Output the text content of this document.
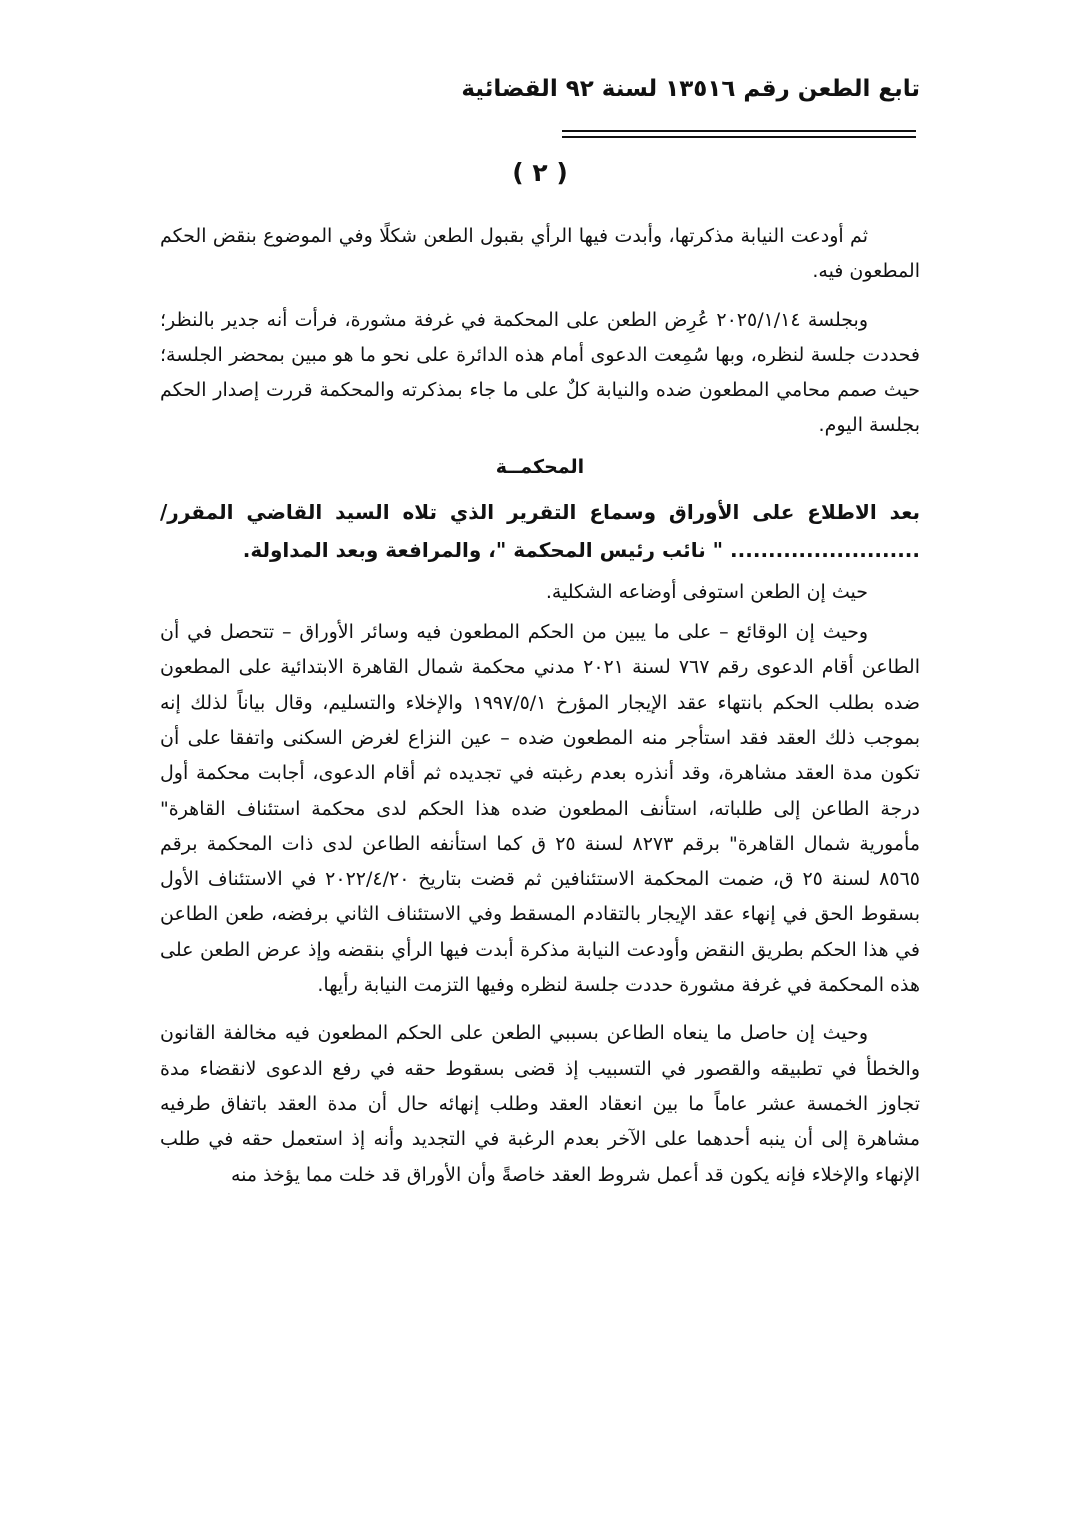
تابع الطعن رقم ١٣٥١٦ لسنة ٩٢ القضائية
( ٢ )

ثم أودعت النيابة مذكرتها، وأبدت فيها الرأي بقبول الطعن شكلًا وفي الموضوع بنقض الحكم المطعون فيه.

وبجلسة ٢٠٢٥/١/١٤ عُرِض الطعن على المحكمة في غرفة مشورة، فرأت أنه جدير بالنظر؛ فحددت جلسة لنظره، وبها سُمِعت الدعوى أمام هذه الدائرة على نحو ما هو مبين بمحضر الجلسة؛ حيث صمم محامي المطعون ضده والنيابة كلٌ على ما جاء بمذكرته والمحكمة قررت إصدار الحكم بجلسة اليوم.

المحكمــة

بعد الاطلاع على الأوراق وسماع التقرير الذي تلاه السيد القاضي المقرر/ ......................... " نائب رئيس المحكمة "، والمرافعة وبعد المداولة.

حيث إن الطعن استوفى أوضاعه الشكلية.

وحيث إن الوقائع – على ما يبين من الحكم المطعون فيه وسائر الأوراق – تتحصل في أن الطاعن أقام الدعوى رقم ٧٦٧ لسنة ٢٠٢١ مدني محكمة شمال القاهرة الابتدائية على المطعون ضده بطلب الحكم بانتهاء عقد الإيجار المؤرخ ١٩٩٧/٥/١ والإخلاء والتسليم، وقال بياناً لذلك إنه بموجب ذلك العقد فقد استأجر منه المطعون ضده – عين النزاع لغرض السكنى واتفقا على أن تكون مدة العقد مشاهرة، وقد أنذره بعدم رغبته في تجديده ثم أقام الدعوى، أجابت محكمة أول درجة الطاعن إلى طلباته، استأنف المطعون ضده هذا الحكم لدى محكمة استئناف القاهرة" مأمورية شمال القاهرة" برقم ٨٢٧٣ لسنة ٢٥ ق كما استأنفه الطاعن لدى ذات المحكمة برقم ٨٥٦٥ لسنة ٢٥ ق، ضمت المحكمة الاستئنافين ثم قضت بتاريخ ٢٠٢٢/٤/٢٠ في الاستئناف الأول بسقوط الحق في إنهاء عقد الإيجار بالتقادم المسقط وفي الاستئناف الثاني برفضه، طعن الطاعن في هذا الحكم بطريق النقض وأودعت النيابة مذكرة أبدت فيها الرأي بنقضه وإذ عرض الطعن على هذه المحكمة في غرفة مشورة حددت جلسة لنظره وفيها التزمت النيابة رأيها.

وحيث إن حاصل ما ينعاه الطاعن بسببي الطعن على الحكم المطعون فيه مخالفة القانون والخطأ في تطبيقه والقصور في التسبيب إذ قضى بسقوط حقه في رفع الدعوى لانقضاء مدة تجاوز الخمسة عشر عاماً ما بين انعقاد العقد وطلب إنهائه حال أن مدة العقد باتفاق طرفيه مشاهرة إلى أن ينبه أحدهما على الآخر بعدم الرغبة في التجديد وأنه إذ استعمل حقه في طلب الإنهاء والإخلاء فإنه يكون قد أعمل شروط العقد خاصةً وأن الأوراق قد خلت مما يؤخذ منه
